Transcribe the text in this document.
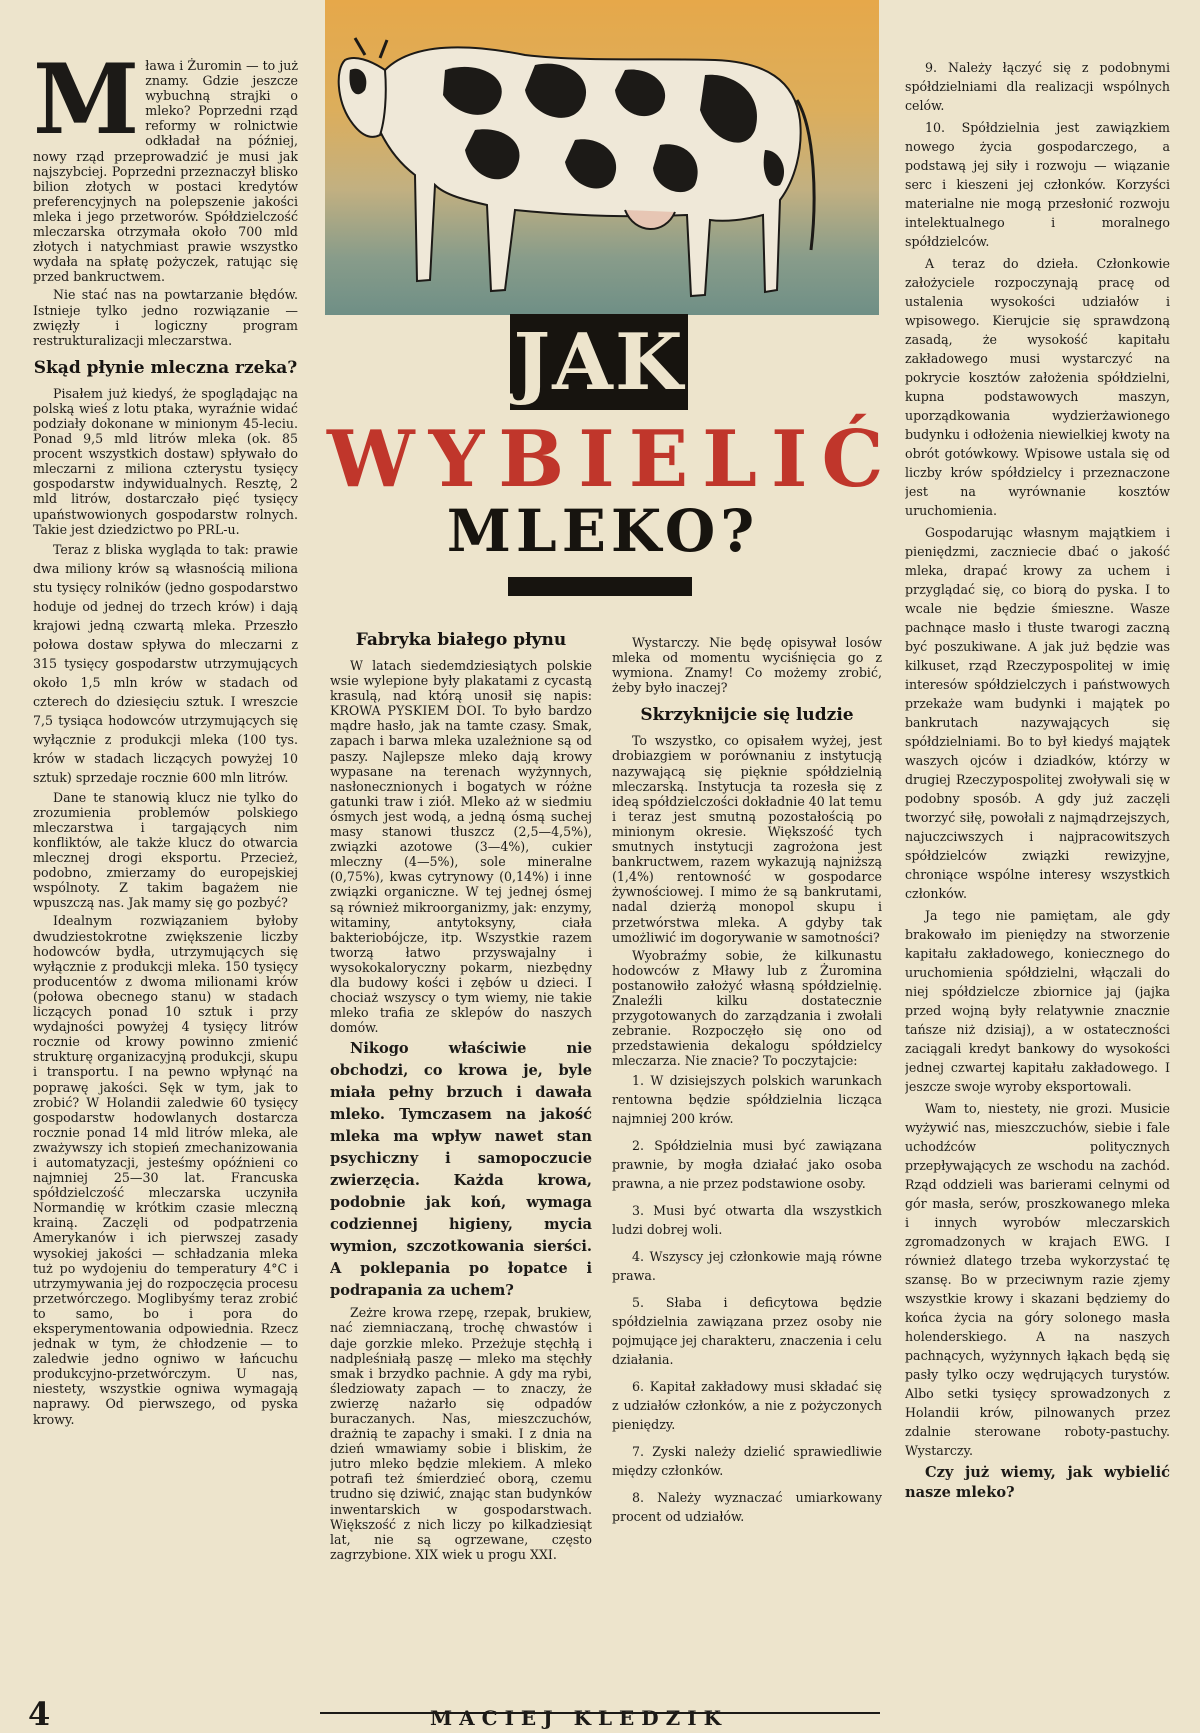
JAK
WYBIELIĆ
MLEKO?

Mława i Żuromin — to już znamy. Gdzie jeszcze wybuchną strajki o mleko? Poprzedni rząd reformy w rolnictwie odkładał na później, nowy rząd przeprowadzić je musi jak najszybciej. Poprzedni przeznaczył blisko bilion złotych w postaci kredytów preferencyjnych na polepszenie jakości mleka i jego przetworów. Spółdzielczość mleczarska otrzymała około 700 mld złotych i natychmiast prawie wszystko wydała na spłatę pożyczek, ratując się przed bankructwem.

Nie stać nas na powtarzanie błędów. Istnieje tylko jedno rozwiązanie — zwięzły i logiczny program restrukturalizacji mleczarstwa.

Skąd płynie mleczna rzeka?

Pisałem już kiedyś, że spoglądając na polską wieś z lotu ptaka, wyraźnie widać podziały dokonane w minionym 45-leciu. Ponad 9,5 mld litrów mleka (ok. 85 procent wszystkich dostaw) spływało do mleczarni z miliona czterystu tysięcy gospodarstw indywidualnych. Resztę, 2 mld litrów, dostarczało pięć tysięcy upaństwowionych gospodarstw rolnych. Takie jest dziedzictwo po PRL-u.

Teraz z bliska wygląda to tak: prawie dwa miliony krów są własnością miliona stu tysięcy rolników (jedno gospodarstwo hoduje od jednej do trzech krów) i dają krajowi jedną czwartą mleka. Przeszło połowa dostaw spływa do mleczarni z 315 tysięcy gospodarstw utrzymujących około 1,5 mln krów w stadach od czterech do dziesięciu sztuk. I wreszcie 7,5 tysiąca hodowców utrzymujących się wyłącznie z produkcji mleka (100 tys. krów w stadach liczących powyżej 10 sztuk) sprzedaje rocznie 600 mln litrów.

Dane te stanowią klucz nie tylko do zrozumienia problemów polskiego mleczarstwa i targających nim konfliktów, ale także klucz do otwarcia mlecznej drogi eksportu. Przecież, podobno, zmierzamy do europejskiej wspólnoty. Z takim bagażem nie wpuszczą nas. Jak mamy się go pozbyć?

Idealnym rozwiązaniem byłoby dwudziestokrotne zwiększenie liczby hodowców bydła, utrzymujących się wyłącznie z produkcji mleka. 150 tysięcy producentów z dwoma milionami krów (połowa obecnego stanu) w stadach liczących ponad 10 sztuk i przy wydajności powyżej 4 tysięcy litrów rocznie od krowy powinno zmienić strukturę organizacyjną produkcji, skupu i transportu. I na pewno wpłynąć na poprawę jakości. Sęk w tym, jak to zrobić? W Holandii zaledwie 60 tysięcy gospodarstw hodowlanych dostarcza rocznie ponad 14 mld litrów mleka, ale zważywszy ich stopień zmechanizowania i automatyzacji, jesteśmy opóźnieni co najmniej 25—30 lat. Francuska spółdzielczość mleczarska uczyniła Normandię w krótkim czasie mleczną krainą. Zaczęli od podpatrzenia Amerykanów i ich pierwszej zasady wysokiej jakości — schładzania mleka tuż po wydojeniu do temperatury 4°C i utrzymywania jej do rozpoczęcia procesu przetwórczego. Moglibyśmy teraz zrobić to samo, bo i pora do eksperymentowania odpowiednia. Rzecz jednak w tym, że chłodzenie — to zaledwie jedno ogniwo w łańcuchu produkcyjno-przetwórczym. U nas, niestety, wszystkie ogniwa wymagają naprawy. Od pierwszego, od pyska krowy.

Fabryka białego płynu

W latach siedemdziesiątych polskie wsie wylepione były plakatami z cycastą krasulą, nad którą unosił się napis: KROWA PYSKIEM DOI. To było bardzo mądre hasło, jak na tamte czasy. Smak, zapach i barwa mleka uzależnione są od paszy. Najlepsze mleko dają krowy wypasane na terenach wyżynnych, nasłonecznionych i bogatych w różne gatunki traw i ziół. Mleko aż w siedmiu ósmych jest wodą, a jedną ósmą suchej masy stanowi tłuszcz (2,5—4,5%), związki azotowe (3—4%), cukier mleczny (4—5%), sole mineralne (0,75%), kwas cytrynowy (0,14%) i inne związki organiczne. W tej jednej ósmej są również mikroorganizmy, jak: enzymy, witaminy, antytoksyny, ciała bakteriobójcze, itp. Wszystkie razem tworzą łatwo przyswajalny i wysokokaloryczny pokarm, niezbędny dla budowy kości i zębów u dzieci. I chociaż wszyscy o tym wiemy, nie takie mleko trafia ze sklepów do naszych domów.

Nikogo właściwie nie obchodzi, co krowa je, byle miała pełny brzuch i dawała mleko. Tymczasem na jakość mleka ma wpływ nawet stan psychiczny i samopoczucie zwierzęcia. Każda krowa, podobnie jak koń, wymaga codziennej higieny, mycia wymion, szczotkowania sierści. A poklepania po łopatce i podrapania za uchem?

Zeżre krowa rzepę, rzepak, brukiew, nać ziemniaczaną, trochę chwastów i daje gorzkie mleko. Przeżuje stęchłą i nadpleśniałą paszę — mleko ma stęchły smak i brzydko pachnie. A gdy ma rybi, śledziowaty zapach — to znaczy, że zwierzę nażarło się odpadów buraczanych. Nas, mieszczuchów, drażnią te zapachy i smaki. I z dnia na dzień wmawiamy sobie i bliskim, że jutro mleko będzie mlekiem. A mleko potrafi też śmierdzieć oborą, czemu trudno się dziwić, znając stan budynków inwentarskich w gospodarstwach. Większość z nich liczy po kilkadziesiąt lat, nie są ogrzewane, często zagrzybione. XIX wiek u progu XXI.

Wystarczy. Nie będę opisywał losów mleka od momentu wyciśnięcia go z wymiona. Znamy! Co możemy zrobić, żeby było inaczej?

Skrzyknijcie się ludzie

To wszystko, co opisałem wyżej, jest drobiazgiem w porównaniu z instytucją nazywającą się pięknie spółdzielnią mleczarską. Instytucja ta rozesła się z ideą spółdzielczości dokładnie 40 lat temu i teraz jest smutną pozostałością po minionym okresie. Większość tych smutnych instytucji zagrożona jest bankructwem, razem wykazują najniższą (1,4%) rentowność w gospodarce żywnościowej. I mimo że są bankrutami, nadal dzierżą monopol skupu i przetwórstwa mleka. A gdyby tak umożliwić im dogorywanie w samotności?

Wyobraźmy sobie, że kilkunastu hodowców z Mławy lub z Żuromina postanowiło założyć własną spółdzielnię. Znaleźli kilku dostatecznie przygotowanych do zarządzania i zwołali zebranie. Rozpoczęło się ono od przedstawienia dekalogu spółdzielcy mleczarza. Nie znacie? To poczytajcie:

1. W dzisiejszych polskich warunkach rentowna będzie spółdzielnia licząca najmniej 200 krów.

2. Spółdzielnia musi być zawiązana prawnie, by mogła działać jako osoba prawna, a nie przez podstawione osoby.

3. Musi być otwarta dla wszystkich ludzi dobrej woli.

4. Wszyscy jej członkowie mają równe prawa.

5. Słaba i deficytowa będzie spółdzielnia zawiązana przez osoby nie pojmujące jej charakteru, znaczenia i celu działania.

6. Kapitał zakładowy musi składać się z udziałów członków, a nie z pożyczonych pieniędzy.

7. Zyski należy dzielić sprawiedliwie między członków.

8. Należy wyznaczać umiarkowany procent od udziałów.

9. Należy łączyć się z podobnymi spółdzielniami dla realizacji wspólnych celów.

10. Spółdzielnia jest zawiązkiem nowego życia gospodarczego, a podstawą jej siły i rozwoju — wiązanie serc i kieszeni jej członków. Korzyści materialne nie mogą przesłonić rozwoju intelektualnego i moralnego spółdzielców.

A teraz do dzieła. Członkowie założyciele rozpoczynają pracę od ustalenia wysokości udziałów i wpisowego. Kierujcie się sprawdzoną zasadą, że wysokość kapitału zakładowego musi wystarczyć na pokrycie kosztów założenia spółdzielni, kupna podstawowych maszyn, uporządkowania wydzierżawionego budynku i odłożenia niewielkiej kwoty na obrót gotówkowy. Wpisowe ustala się od liczby krów spółdzielcy i przeznaczone jest na wyrównanie kosztów uruchomienia.

Gospodarując własnym majątkiem i pieniędzmi, zaczniecie dbać o jakość mleka, drapać krowy za uchem i przyglądać się, co biorą do pyska. I to wcale nie będzie śmieszne. Wasze pachnące masło i tłuste twarogi zaczną być poszukiwane. A jak już będzie was kilkuset, rząd Rzeczypospolitej w imię interesów spółdzielczych i państwowych przekaże wam budynki i majątek po bankrutach nazywających się spółdzielniami. Bo to był kiedyś majątek waszych ojców i dziadków, którzy w drugiej Rzeczypospolitej zwoływali się w podobny sposób. A gdy już zaczęli tworzyć siłę, powołali z najmądrzejszych, najuczciwszych i najpracowitszych spółdzielców związki rewizyjne, chroniące wspólne interesy wszystkich członków.

Ja tego nie pamiętam, ale gdy brakowało im pieniędzy na stworzenie kapitału zakładowego, koniecznego do uruchomienia spółdzielni, włączali do niej spółdzielcze zbiornice jaj (jajka przed wojną były relatywnie znacznie tańsze niż dzisiaj), a w ostateczności zaciągali kredyt bankowy do wysokości jednej czwartej kapitału zakładowego. I jeszcze swoje wyroby eksportowali.

Wam to, niestety, nie grozi. Musicie wyżywić nas, mieszczuchów, siebie i fale uchodźców politycznych przepływających ze wschodu na zachód. Rząd oddzieli was barierami celnymi od gór masła, serów, proszkowanego mleka i innych wyrobów mleczarskich zgromadzonych w krajach EWG. I również dlatego trzeba wykorzystać tę szansę. Bo w przeciwnym razie zjemy wszystkie krowy i skazani będziemy do końca życia na góry solonego masła holenderskiego. A na naszych pachnących, wyżynnych łąkach będą się pasły tylko oczy wędrujących turystów. Albo setki tysięcy sprowadzonych z Holandii krów, pilnowanych przez zdalnie sterowane roboty-pastuchy. Wystarczy.

Czy już wiemy, jak wybielić nasze mleko?

4	MACIEJ KLEDZIK
